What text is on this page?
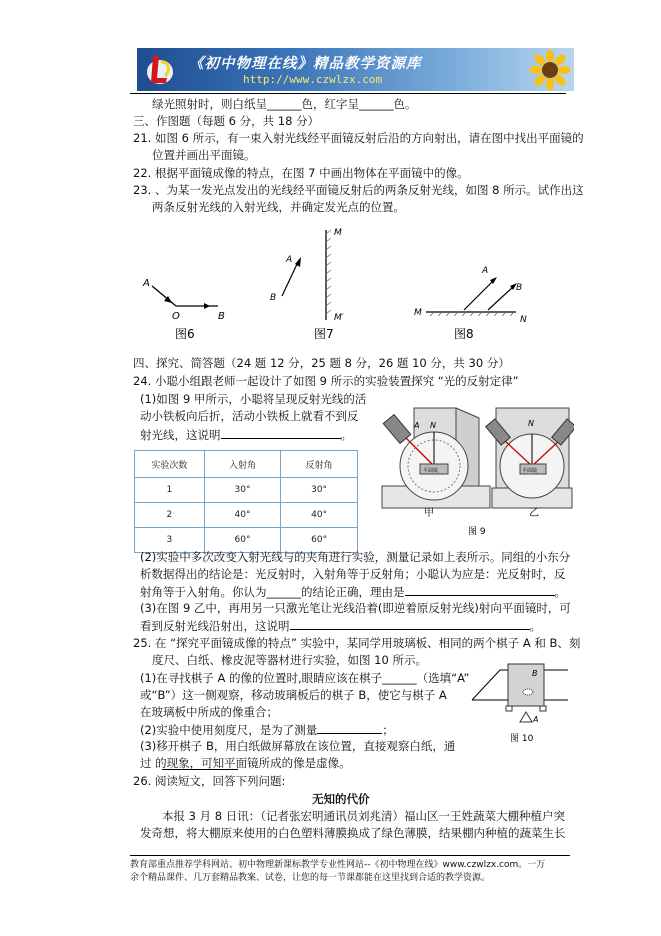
《初中物理在线》精品教学资源库
http://www.czwlzx.com
绿光照射时，则白纸呈______色，红字呈______色。
三、作图题（每题 6 分，共 18 分）
21. 如图 6 所示，有一束入射光线经平面镜反射后沿的方向射出，请在图中找出平面镜的
位置并画出平面镜。
22. 根据平面镜成像的特点，在图 7 中画出物体在平面镜中的像。
23. 、为某一发光点发出的光线经平面镜反射后的两条反射光线，如图 8 所示。试作出这
两条反射光线的入射光线，并确定发光点的位置。
A
O	B
图6
A
B
M
M′
图7
A
B
M
N
图8
四、探究、简答题（24 题 12 分，25 题 8 分，26 题 10 分，共 30 分）
24. 小聪小组跟老师一起设计了如图 9 所示的实验装置探究 “光的反射定律”
(1)如图 9 甲所示，小聪将呈现反射光线的活
动小铁板向后折，活动小铁板上就看不到反
射光线，这说明	。
实验次数	入射角	反射角
1	30°	30°
2	40°	40°
3	60°	60°
平面镜
A N
甲
平面镜
N
乙
图 9
(2)实验中多次改变入射光线与的夹角进行实验，测量记录如上表所示。同组的小东分
析数据得出的结论是：光反射时，入射角等于反射角；小聪认为应是：光反射时，反
射角等于入射角。你认为______的结论正确，理由是	。
(3)在图 9 乙中，再用另一只激光笔让光线沿着(即逆着原反射光线)射向平面镜时，可
看到反射光线沿射出，这说明	。
25. 在 “探究平面镜成像的特点” 实验中，某同学用玻璃板、相同的两个棋子 A 和 B、刻
度尺、白纸、橡皮泥等器材进行实验，如图 10 所示。
(1)在寻找棋子 A 的像的位置时,眼睛应该在棋子______（选填“A”
或“B”）这一侧观察，移动玻璃板后的棋子 B，使它与棋子 A
在玻璃板中所成的像重合；
(2)实验中使用刻度尺，是为了测量	；
(3)移开棋子 B，用白纸做屏幕放在该位置，直接观察白纸，通
过 的现象，可知平面镜所成的像是虚像。
B
A
图 10
26. 阅读短文，回答下列问题:
无知的代价
本报 3 月 8 日讯：（记者张宏明通讯员刘兆清）福山区一王姓蔬菜大棚种植户突
发奇想，将大棚原来使用的白色塑料薄膜换成了绿色薄膜，结果棚内种植的蔬菜生长
教育部重点推荐学科网站、初中物理新课标教学专业性网站--《初中物理在线》www.czwlzx.com。一万
余个精品课件、几万套精品教案、试卷，让您的每一节课都能在这里找到合适的教学资源。
